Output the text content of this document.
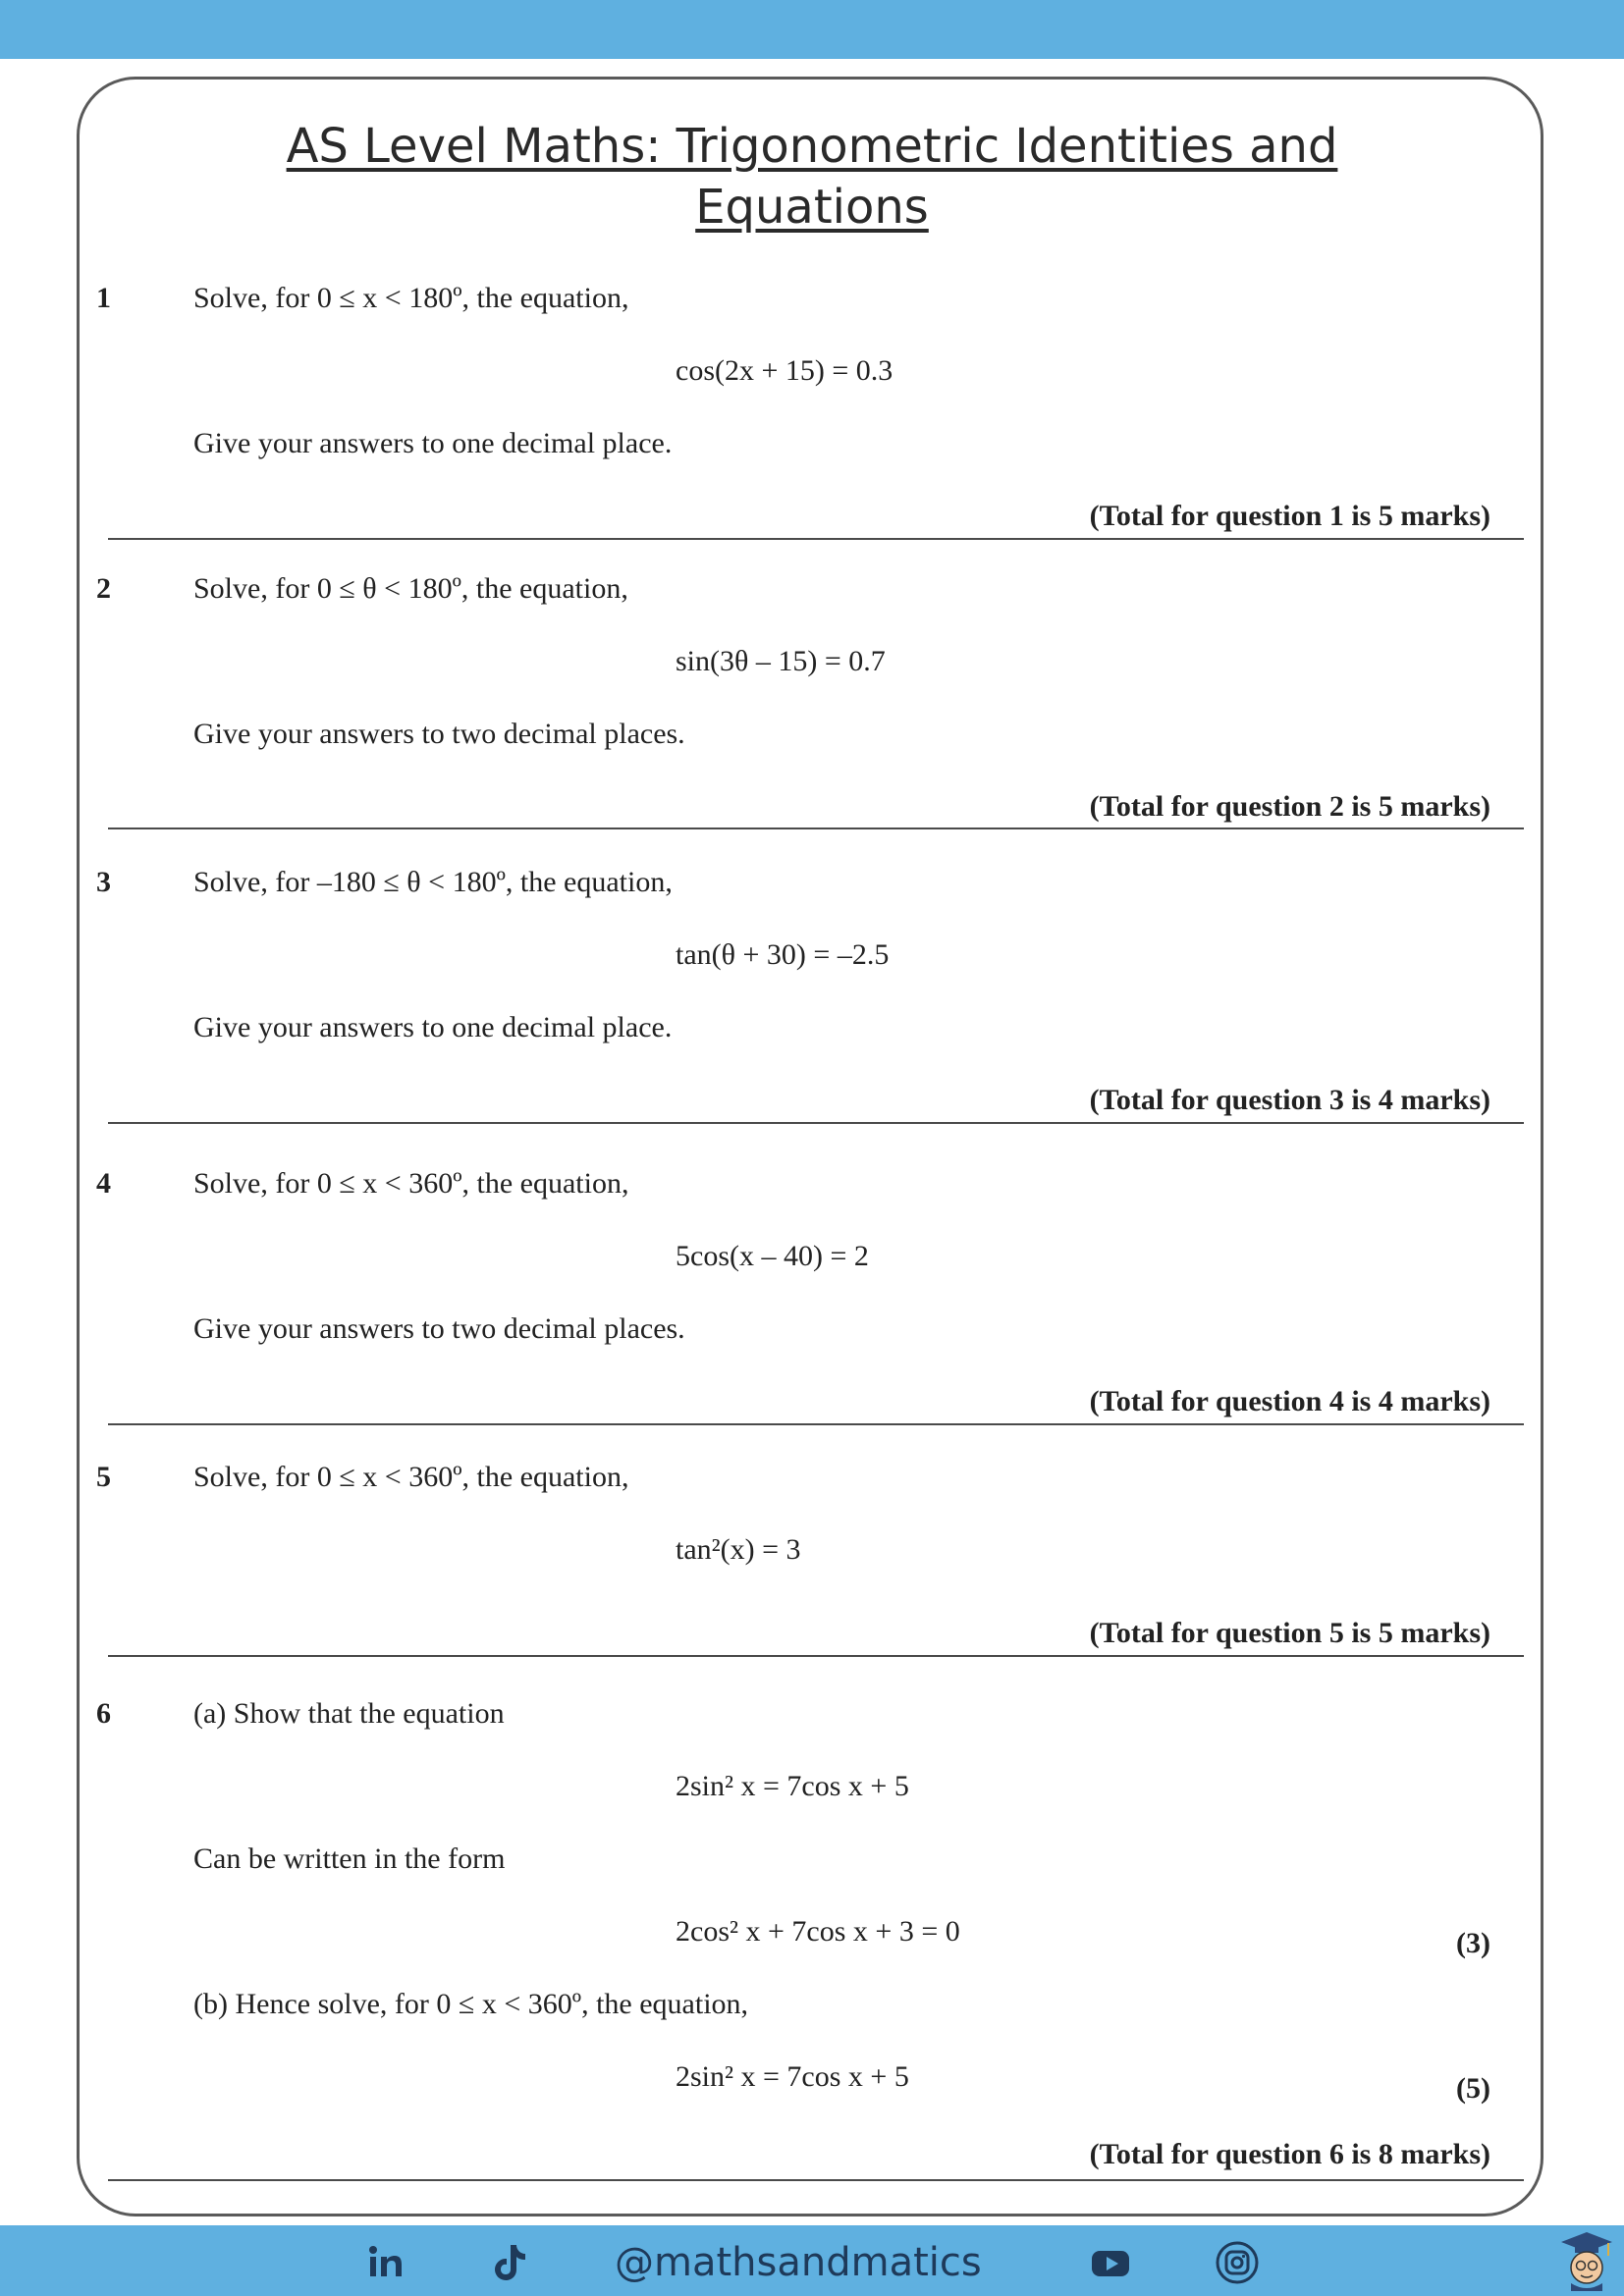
AS Level Maths: Trigonometric Identities and
Equations
1	Solve, for 0 ≤ x < 180º, the equation,
cos(2x + 15) = 0.3
Give your answers to one decimal place.
(Total for question 1 is 5 marks)
2	Solve, for 0 ≤ θ < 180º, the equation,
sin(3θ – 15) = 0.7
Give your answers to two decimal places.
(Total for question 2 is 5 marks)
3	Solve, for –180 ≤ θ < 180º, the equation,
tan(θ + 30) = –2.5
Give your answers to one decimal place.
(Total for question 3 is 4 marks)
4	Solve, for 0 ≤ x < 360º, the equation,
5cos(x – 40) = 2
Give your answers to two decimal places.
(Total for question 4 is 4 marks)
5	Solve, for 0 ≤ x < 360º, the equation,
tan²(x) = 3
(Total for question 5 is 5 marks)
6	(a) Show that the equation
2sin² x = 7cos x + 5
Can be written in the form
2cos² x + 7cos x + 3 = 0	(3)
(b) Hence solve, for 0 ≤ x < 360º, the equation,
2sin² x = 7cos x + 5	(5)
(Total for question 6 is 8 marks)
@mathsandmatics
